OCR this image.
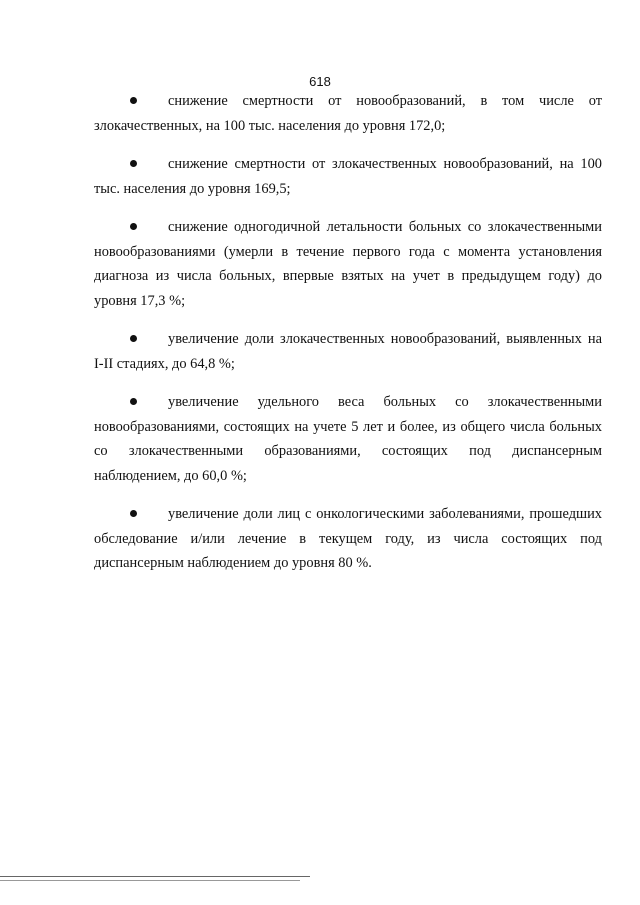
618
снижение смертности от новообразований, в том числе от злокачественных, на 100 тыс. населения до уровня 172,0;
снижение смертности от злокачественных новообразований, на 100 тыс. населения до уровня 169,5;
снижение одногодичной летальности больных со злокачественными новообразованиями (умерли в течение первого года с момента установления диагноза из числа больных, впервые взятых на учет в предыдущем году) до уровня 17,3 %;
увеличение доли злокачественных новообразований, выявленных на I-II стадиях, до 64,8 %;
увеличение удельного веса больных со злокачественными новообразованиями, состоящих на учете 5 лет и более, из общего числа больных со злокачественными образованиями, состоящих под диспансерным наблюдением, до 60,0 %;
увеличение доли лиц с онкологическими заболеваниями, прошедших обследование и/или лечение в текущем году, из числа состоящих под диспансерным наблюдением до уровня 80 %.
